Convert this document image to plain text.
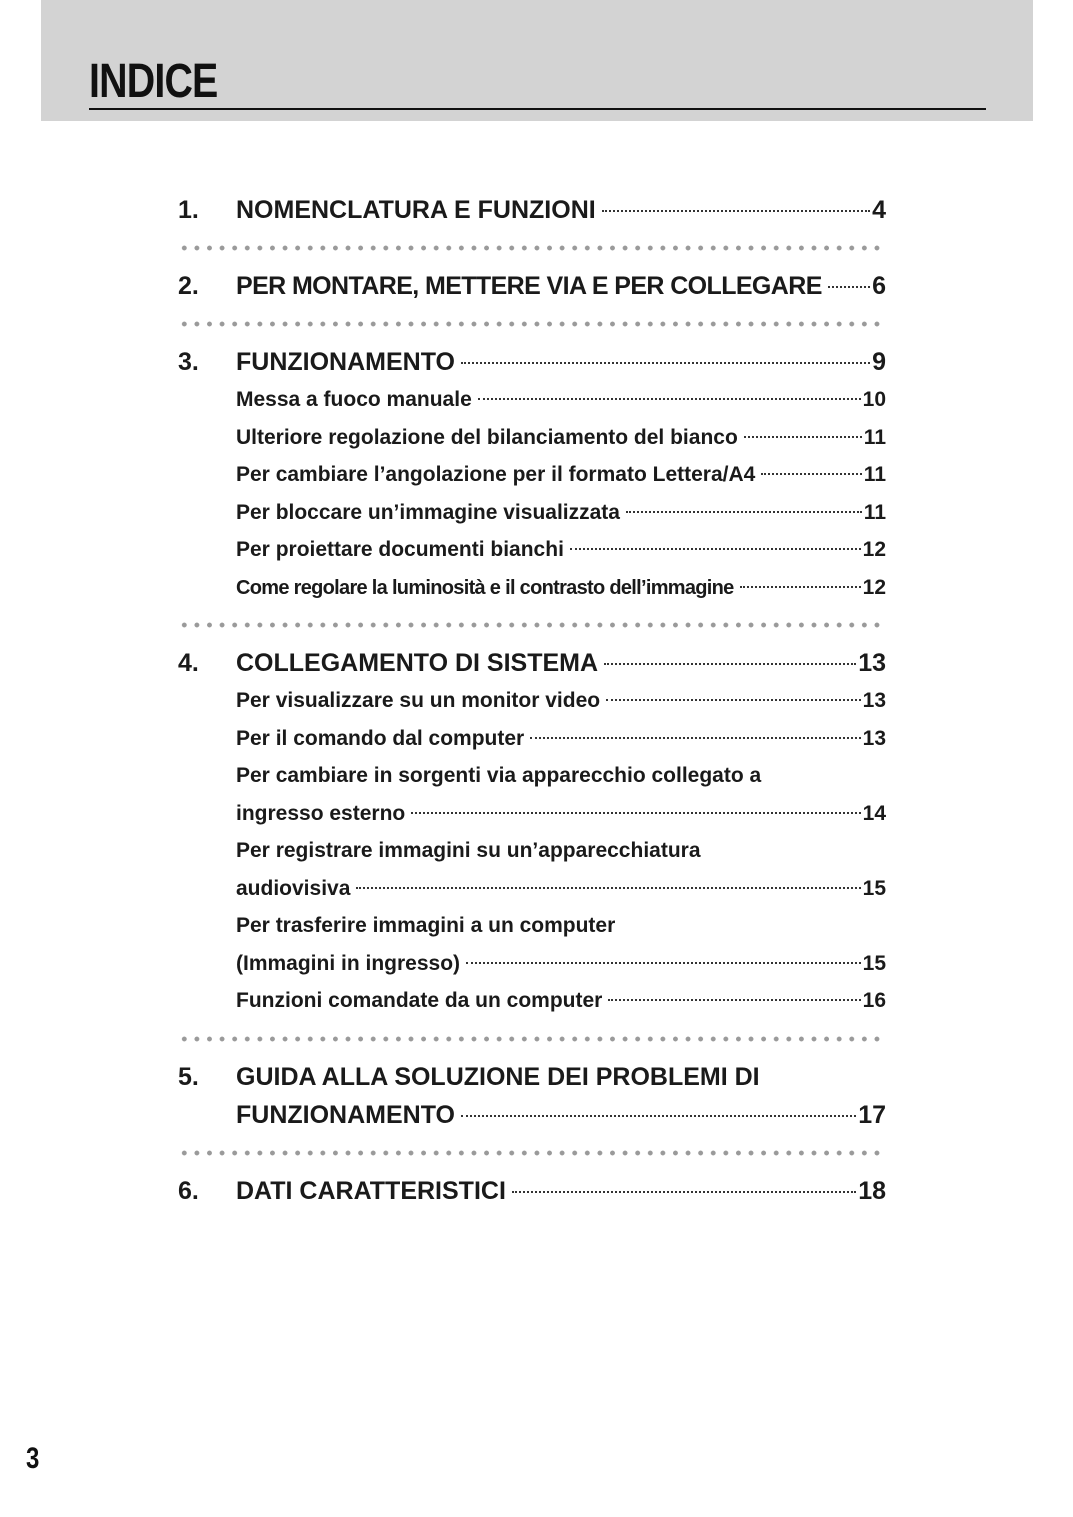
INDICE
1.	NOMENCLATURA E FUNZIONI	4
2.	PER MONTARE, METTERE VIA E PER COLLEGARE 6
3.	FUNZIONAMENTO	9
Messa a fuoco manuale	10
Ulteriore regolazione del bilanciamento del bianco	11
Per cambiare l’angolazione per il formato Lettera/A4	11
Per bloccare un’immagine visualizzata	11
Per proiettare documenti bianchi	12
Come regolare la luminosità e il contrasto dell’immagine	12
4.	COLLEGAMENTO DI SISTEMA	13
Per visualizzare su un monitor video	13
Per il comando dal computer	13
Per cambiare in sorgenti via apparecchio collegato a
ingresso esterno	14
Per registrare immagini su un’apparecchiatura
audiovisiva	15
Per trasferire immagini a un computer
(Immagini in ingresso)	15
Funzioni comandate da un computer	16
5.	GUIDA ALLA SOLUZIONE DEI PROBLEMI DI
FUNZIONAMENTO	17
6.	DATI CARATTERISTICI	18
3
